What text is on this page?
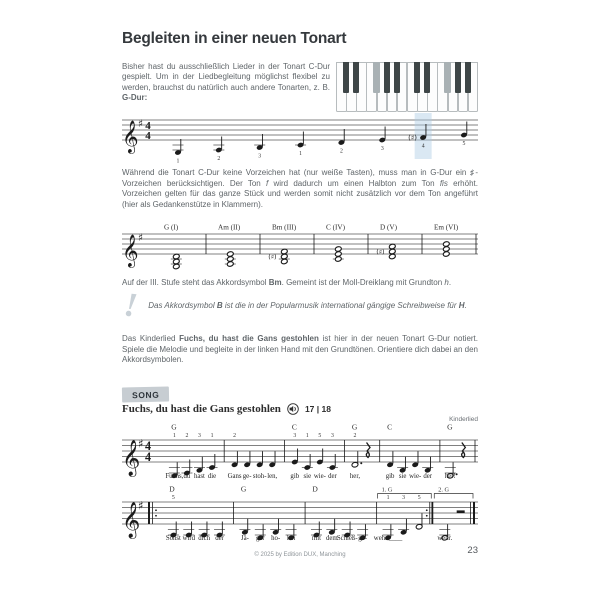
Begleiten in einer neuen Tonart
Bisher hast du ausschließlich Lieder in der Tonart C-Dur gespielt. Um in der Liedbegleitung möglichst flexibel zu werden, brauchst du natürlich auch andere Tonarten, z. B. G-Dur:
𝄞 ♯ 4
4
1	2	3	1	2	3
(♯)
4	5
Während die Tonart C-Dur keine Vorzeichen hat (nur weiße Tasten), muss man in G-Dur ein ♯-Vorzeichen berücksichtigen. Der Ton f wird dadurch um einen Halbton zum Ton fis erhöht. Vorzeichen gelten für das ganze Stück und werden somit nicht zusätzlich vor dem Ton angeführt (hier als Gedankenstütze in Klammern).
𝄞 ♯
G (I)	Am (II)	Bm (III)
(♯)
C (IV)	D (V)
(♯)
Em (VI)
Auf der III. Stufe steht das Akkordsymbol Bm. Gemeint ist der Moll-Dreiklang mit Grundton h.
! Das Akkordsymbol B ist die in der Popularmusik international gängige Schreibweise für H.
Das Kinderlied Fuchs, du hast die Gans gestohlen ist hier in der neuen Tonart G-Dur notiert. Spiele die Melodie und begleite in der linken Hand mit den Grundtönen. Orientiere dich dabei an den Akkordsymbolen.
SONG
Fuchs, du hast die Gans gestohlen	17 | 18
Kinderlied
𝄞
♯ 4
4
G
1
Fuchs,
2
du
3
hast
1
die
2
Gans ge- stoh- len,
C
3
gib
1
sie
5
wie-
3
der
G
2
her,
C
gib sie wie- der
G
her!
𝄞
♯
D
5
Sonst wird dich der
G
Jä- ger ho- len
D
mit dem Schieß- ge-
1. G
1
wehr.____
3 5
2. G
wehr.
© 2025 by Edition DUX, Manching	23
